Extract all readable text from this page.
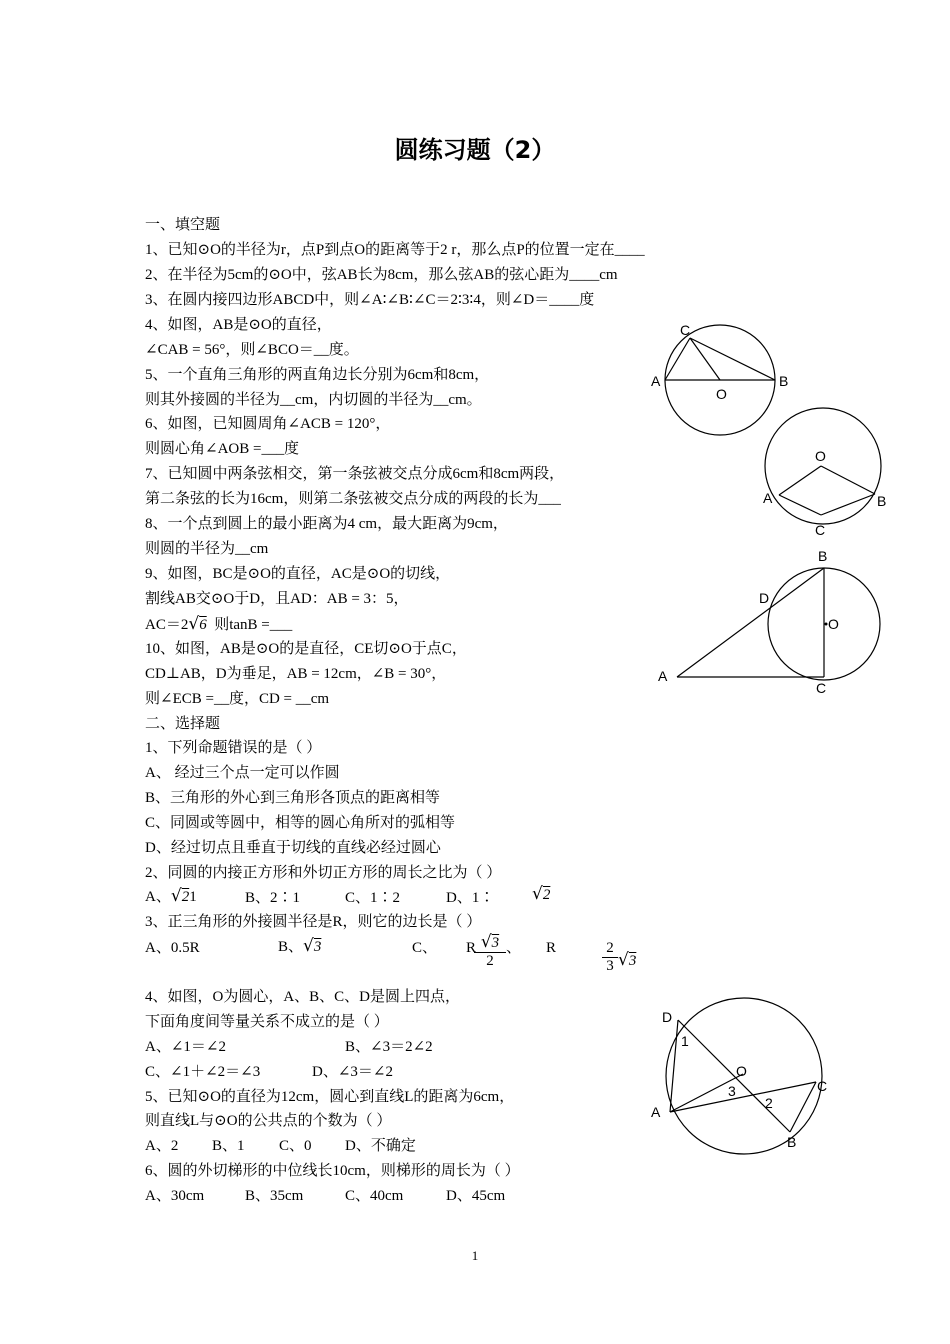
圆练习题（2）
一、填空题
1、已知⊙O的半径为r，点P到点O的距离等于2 r，那么点P的位置一定在____
2、在半径为5cm的⊙O中，弦AB长为8cm，那么弦AB的弦心距为____cm
3、在圆内接四边形ABCD中，则∠A∶∠B∶∠C＝2∶3∶4，则∠D＝____度
4、如图，AB是⊙O的直径，
∠CAB = 56°，则∠BCO＝__度。
5、一个直角三角形的两直角边长分别为6cm和8cm，
则其外接圆的半径为__cm，内切圆的半径为__cm。
6、如图，已知圆周角∠ACB = 120°，
则圆心角∠AOB =___度
7、已知圆中两条弦相交，第一条弦被交点分成6cm和8cm两段，
第二条弦的长为16cm，则第二条弦被交点分成的两段的长为___
8、一个点到圆上的最小距离为4 cm，最大距离为9cm，
则圆的半径为__cm
9、如图，BC是⊙O的直径，AC是⊙O的切线，
割线AB交⊙O于D，且AD：AB = 3：5，
AC＝2√6 则tanB =___
10、如图，AB是⊙O的是直径，CE切⊙O于点C，
CD⊥AB，D为垂足，AB = 12cm，∠B = 30°，
则∠ECB =__度，CD = __cm
二、选择题
1、下列命题错误的是（ ）
A、 经过三个点一定可以作圆
B、三角形的外心到三角形各顶点的距离相等
C、同圆或等圆中，相等的圆心角所对的弧相等
D、经过切点且垂直于切线的直线必经过圆心
2、同圆的内接正方形和外切正方形的周长之比为（ ）
A、√21	B、2∶1	C、1∶2	D、1∶ √2
3、正三角形的外接圆半径是R，则它的边长是（ ）
A、0.5R	B、√3	C、 R
$\frac{√3}{2}$ 、 R	$\frac{2}{3} √3$
4、如图，O为圆心，A、B、C、D是圆上四点，
下面角度间等量关系不成立的是（ ）
A、∠1＝∠2	B、∠3＝2∠2
C、∠1＋∠2＝∠3	D、∠3＝∠2
5、已知⊙O的直径为12cm，圆心到直线L的距离为6cm，
则直线L与⊙O的公共点的个数为（ ）
A、2 B、1 C、0 D、不确定
6、圆的外切梯形的中位线长10cm，则梯形的周长为（ ）
A、30cm	B、35cm	C、40cm	D、45cm
C
A
O
B
O
A	B
C
B
D
O
A
C
D
1
O
3
2
A
C
B
1
